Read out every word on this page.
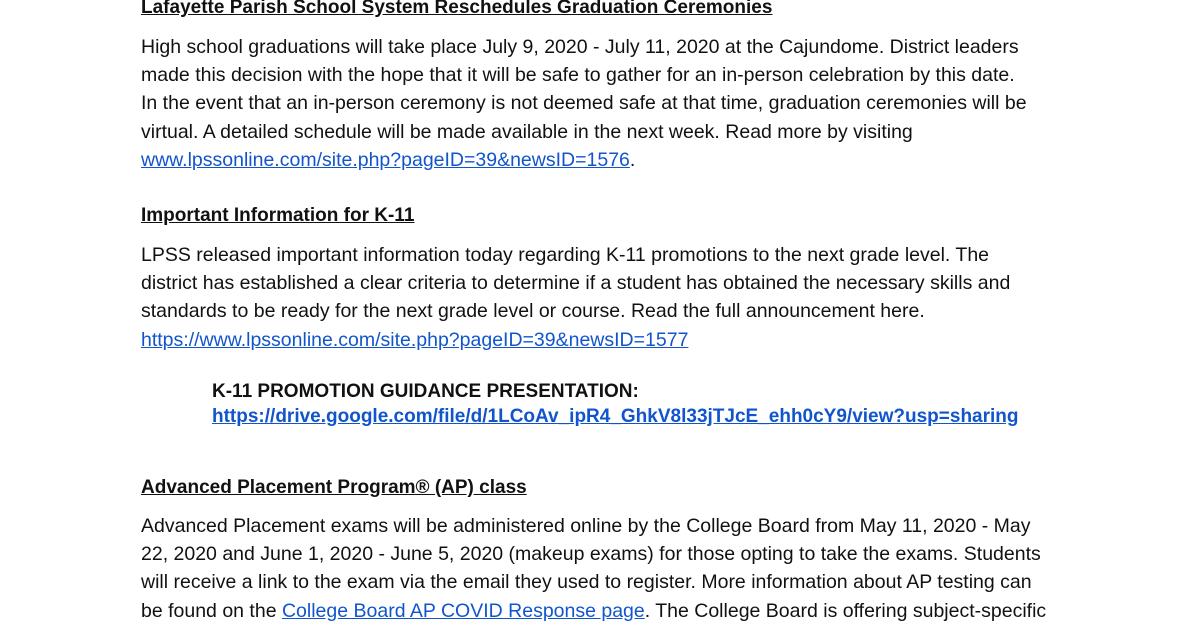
Lafayette Parish School System Reschedules Graduation Ceremonies
High school graduations will take place July 9, 2020 - July 11, 2020 at the Cajundome. District leaders
made this decision with the hope that it will be safe to gather for an in-person celebration by this date.
In the event that an in-person ceremony is not deemed safe at that time, graduation ceremonies will be
virtual. A detailed schedule will be made available in the next week. Read more by visiting
www.lpssonline.com/site.php?pageID=39&newsID=1576.
Important Information for K-11
LPSS released important information today regarding K-11 promotions to the next grade level. The
district has established a clear criteria to determine if a student has obtained the necessary skills and
standards to be ready for the next grade level or course. Read the full announcement here.
https://www.lpssonline.com/site.php?pageID=39&newsID=1577
K-11 PROMOTION GUIDANCE PRESENTATION:
https://drive.google.com/file/d/1LCoAv_ipR4_GhkV8l33jTJcE_ehh0cY9/view?usp=sharing
Advanced Placement Program® (AP) class
Advanced Placement exams will be administered online by the College Board from May 11, 2020 - May
22, 2020 and June 1, 2020 - June 5, 2020 (makeup exams) for those opting to take the exams. Students
will receive a link to the exam via the email they used to register. More information about AP testing can
be found on the College Board AP COVID Response page. The College Board is offering subject-specific
